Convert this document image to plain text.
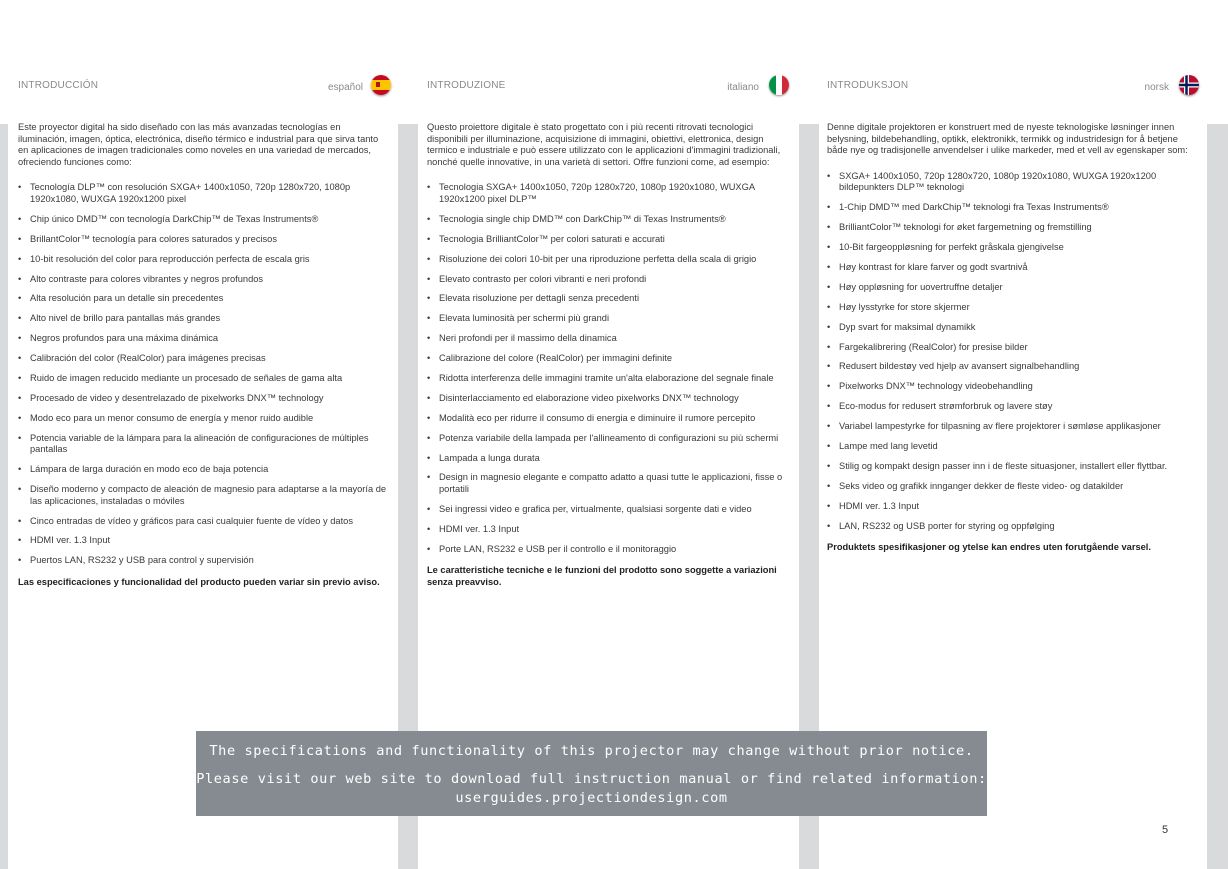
INTRODUCCIÓN	español

Este proyector digital ha sido diseñado con las más avanzadas tecnologías en iluminación, imagen, óptica, electrónica, diseño térmico e industrial para que sirva tanto en aplicaciones de imagen tradicionales como noveles en una variedad de mercados, ofreciendo funciones como:

• Tecnología DLP™ con resolución SXGA+ 1400x1050, 720p 1280x720, 1080p 1920x1080, WUXGA 1920x1200 pixel
• Chip único DMD™ con tecnología DarkChip™ de Texas Instruments®
• BrillantColor™ tecnología para colores saturados y precisos
• 10-bit resolución del color para reproducción perfecta de escala gris
• Alto contraste para colores vibrantes y negros profundos
• Alta resolución para un detalle sin precedentes
• Alto nivel de brillo para pantallas más grandes
• Negros profundos para una máxima dinámica
• Calibración del color (RealColor) para imágenes precisas
• Ruido de imagen reducido mediante un procesado de señales de gama alta
• Procesado de video y desentrelazado de pixelworks DNX™ technology
• Modo eco para un menor consumo de energía y menor ruido audible
• Potencia variable de la lámpara para la alineación de configuraciones de múltiples pantallas
• Lámpara de larga duración en modo eco de baja potencia
• Diseño moderno y compacto de aleación de magnesio para adaptarse a la mayoría de las aplicaciones, instaladas o móviles
• Cinco entradas de vídeo y gráficos para casi cualquier fuente de vídeo y datos
• HDMI ver. 1.3 Input
• Puertos LAN, RS232 y USB para control y supervisión

Las especificaciones y funcionalidad del producto pueden variar sin previo aviso.

INTRODUZIONE	italiano

Questo proiettore digitale è stato progettato con i più recenti ritrovati tecnologici disponibili per illuminazione, acquisizione di immagini, obiettivi, elettronica, design termico e industriale e può essere utilizzato con le applicazioni d'immagini tradizionali, nonché quelle innovative, in una varietà di settori. Offre funzioni come, ad esempio:

• Tecnologia SXGA+ 1400x1050, 720p 1280x720, 1080p 1920x1080, WUXGA 1920x1200 pixel DLP™
• Tecnologia single chip DMD™ con DarkChip™ di Texas Instruments®
• Tecnologia BrilliantColor™ per colori saturati e accurati
• Risoluzione dei colori 10-bit per una riproduzione perfetta della scala di grigio
• Elevato contrasto per colori vibranti e neri profondi
• Elevata risoluzione per dettagli senza precedenti
• Elevata luminosità per schermi più grandi
• Neri profondi per il massimo della dinamica
• Calibrazione del colore (RealColor) per immagini definite
• Ridotta interferenza delle immagini tramite un'alta elaborazione del segnale finale
• Disinterlacciamento ed elaborazione video pixelworks DNX™ technology
• Modalità eco per ridurre il consumo di energia e diminuire il rumore percepito
• Potenza variabile della lampada per l'allineamento di configurazioni su più schermi
• Lampada a lunga durata
• Design in magnesio elegante e compatto adatto a quasi tutte le applicazioni, fisse o portatili
• Sei ingressi video e grafica per, virtualmente, qualsiasi sorgente dati e video
• HDMI ver. 1.3 Input
• Porte LAN, RS232 e USB per il controllo e il monitoraggio

Le caratteristiche tecniche e le funzioni del prodotto sono soggette a variazioni senza preavviso.

INTRODUKSJON	norsk

Denne digitale projektoren er konstruert med de nyeste teknologiske løsninger innen belysning, bildebehandling, optikk, elektronikk, termikk og industridesign for å betjene både nye og tradisjonelle anvendelser i ulike markeder, med et vell av egenskaper som:

• SXGA+ 1400x1050, 720p 1280x720, 1080p 1920x1080, WUXGA 1920x1200 bildepunkters DLP™ teknologi
• 1-Chip DMD™ med DarkChip™ teknologi fra Texas Instruments®
• BrilliantColor™ teknologi for øket fargemetning og fremstilling
• 10-Bit fargeoppløsning for perfekt gråskala gjengivelse
• Høy kontrast for klare farver og godt svartnivå
• Høy oppløsning for uovertruffne detaljer
• Høy lysstyrke for store skjermer
• Dyp svart for maksimal dynamikk
• Fargekalibrering (RealColor) for presise bilder
• Redusert bildestøy ved hjelp av avansert signalbehandling
• Pixelworks DNX™ technology videobehandling
• Eco-modus for redusert strømforbruk og lavere støy
• Variabel lampestyrke for tilpasning av flere projektorer i sømløse applikasjoner
• Lampe med lang levetid
• Stilig og kompakt design passer inn i de fleste situasjoner, installert eller flyttbar.
• Seks video og grafikk innganger dekker de fleste video- og datakilder
• HDMI ver. 1.3 Input
• LAN, RS232 og USB porter for styring og oppfølging

Produktets spesifikasjoner og ytelse kan endres uten forutgående varsel.

The specifications and functionality of this projector may change without prior notice.

Please visit our web site to download full instruction manual or find related information:

userguides.projectiondesign.com

5
